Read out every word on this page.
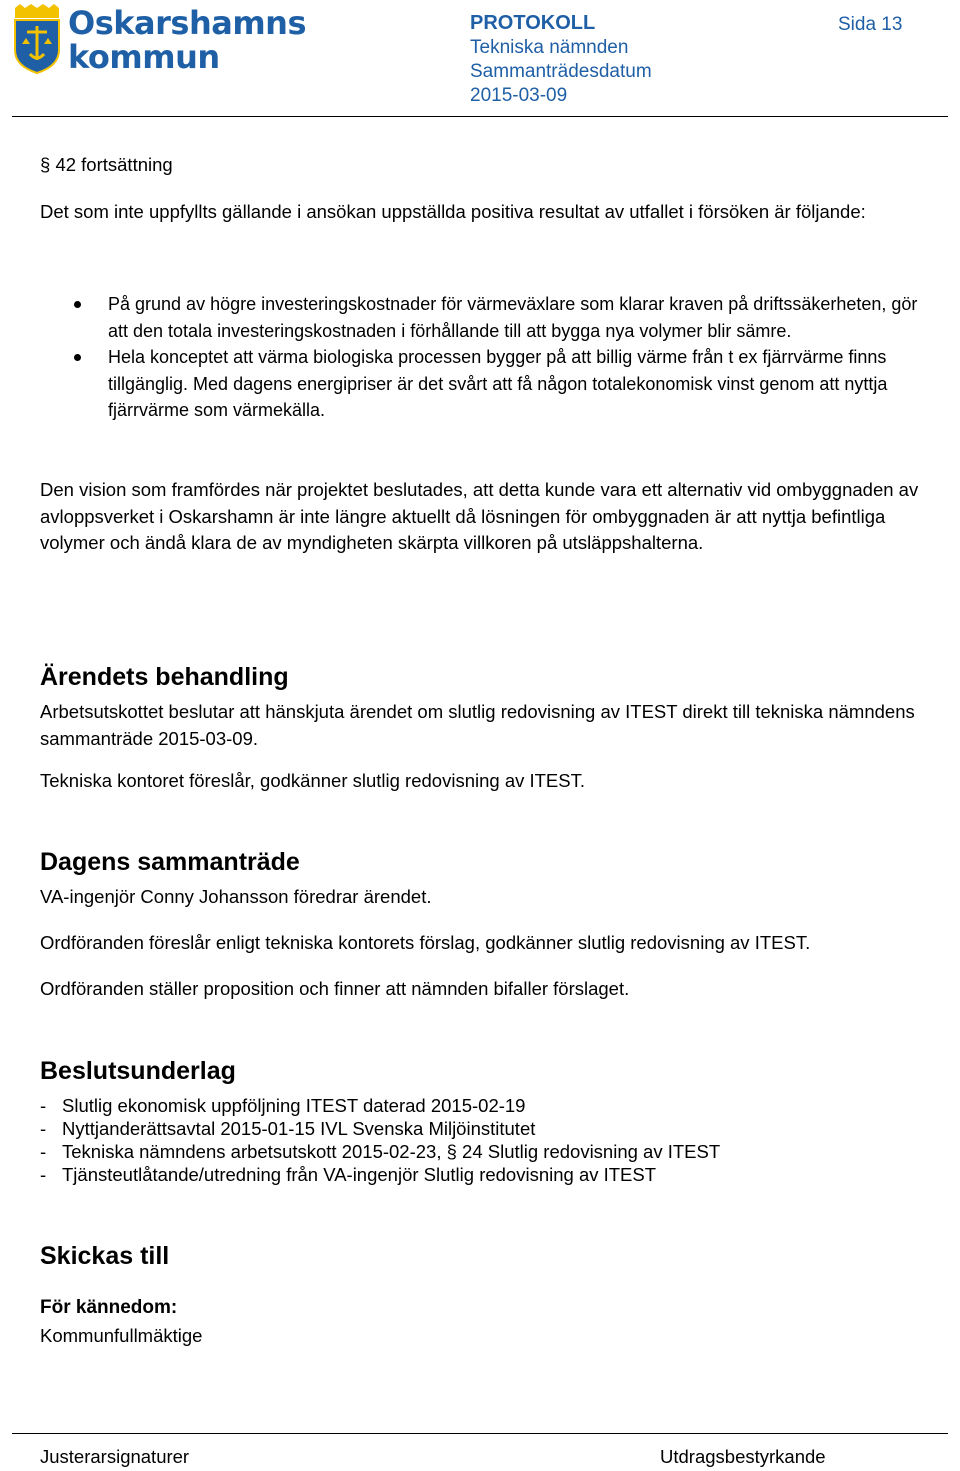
Oskarshamns
kommun
PROTOKOLL
Tekniska nämnden
Sammanträdesdatum
2015-03-09
Sida 13

§ 42 fortsättning

Det som inte uppfyllts gällande i ansökan uppställda positiva resultat av utfallet i försöken är följande:

På grund av högre investeringskostnader för värmeväxlare som klarar kraven på driftssäkerheten, gör att den totala investeringskostnaden i förhållande till att bygga nya volymer blir sämre.
Hela konceptet att värma biologiska processen bygger på att billig värme från t ex fjärrvärme finns tillgänglig. Med dagens energipriser är det svårt att få någon totalekonomisk vinst genom att nyttja fjärrvärme som värmekälla.

Den vision som framfördes när projektet beslutades, att detta kunde vara ett alternativ vid ombyggnaden av avloppsverket i Oskarshamn är inte längre aktuellt då lösningen för ombyggnaden är att nyttja befintliga volymer och ändå klara de av myndigheten skärpta villkoren på utsläppshalterna.

Ärendets behandling

Arbetsutskottet beslutar att hänskjuta ärendet om slutlig redovisning av ITEST direkt till tekniska nämndens sammanträde 2015-03-09.

Tekniska kontoret föreslår, godkänner slutlig redovisning av ITEST.

Dagens sammanträde

VA-ingenjör Conny Johansson föredrar ärendet.

Ordföranden föreslår enligt tekniska kontorets förslag, godkänner slutlig redovisning av ITEST.

Ordföranden ställer proposition och finner att nämnden bifaller förslaget.

Beslutsunderlag
- Slutlig ekonomisk uppföljning ITEST daterad 2015-02-19
- Nyttjanderättsavtal 2015-01-15 IVL Svenska Miljöinstitutet
- Tekniska nämndens arbetsutskott 2015-02-23, § 24 Slutlig redovisning av ITEST
- Tjänsteutlåtande/utredning från VA-ingenjör Slutlig redovisning av ITEST
Skickas till
För kännedom:

Kommunfullmäktige

Justerarsignaturer	Utdragsbestyrkande
